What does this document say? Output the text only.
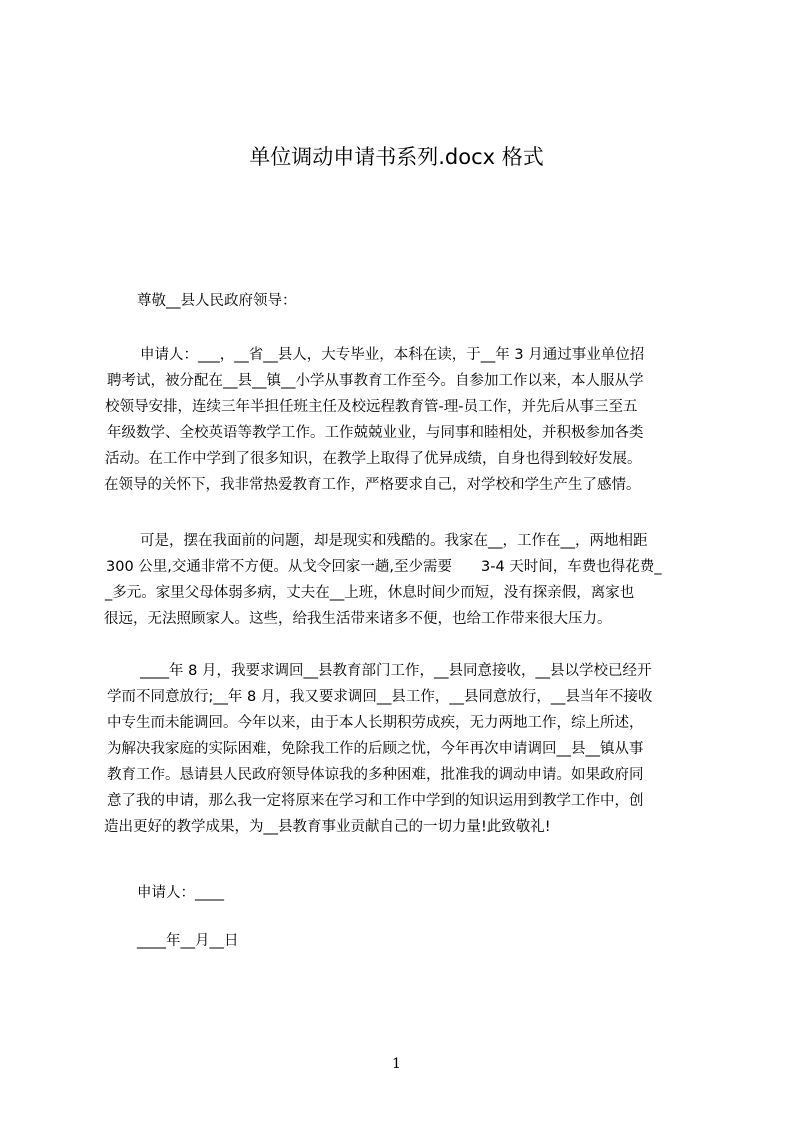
单位调动申请书系列.docx 格式
尊敬__县人民政府领导：
申请人：___，__省__县人，大专毕业，本科在读，于__年 3 月通过事业单位招
聘考试，被分配在__县__镇__小学从事教育工作至今。自参加工作以来，本人服从学
校领导安排，连续三年半担任班主任及校远程教育管-理-员工作，并先后从事三至五
年级数学、全校英语等教学工作。工作兢兢业业，与同事和睦相处，并积极参加各类
活动。在工作中学到了很多知识，在教学上取得了优异成绩，自身也得到较好发展。
在领导的关怀下，我非常热爱教育工作，严格要求自己，对学校和学生产生了感情。
可是，摆在我面前的问题，却是现实和残酷的。我家在__，工作在__，两地相距
300 公里,交通非常不方便。从戈令回家一趟,至少需要　　3-4 天时间，车费也得花费_
_多元。家里父母体弱多病，丈夫在__上班，休息时间少而短，没有探亲假，离家也
很远，无法照顾家人。这些，给我生活带来诸多不便，也给工作带来很大压力。
____年 8 月，我要求调回__县教育部门工作，__县同意接收，__县以学校已经开
学而不同意放行;__年 8 月，我又要求调回__县工作，__县同意放行，__县当年不接收
中专生而未能调回。今年以来，由于本人长期积劳成疾，无力两地工作，综上所述，
为解决我家庭的实际困难，免除我工作的后顾之忧，今年再次申请调回__县__镇从事
教育工作。恳请县人民政府领导体谅我的多种困难，批准我的调动申请。如果政府同
意了我的申请，那么我一定将原来在学习和工作中学到的知识运用到教学工作中，创
造出更好的教学成果，为__县教育事业贡献自己的一切力量!此致敬礼!
申请人：____
____年__月__日
1
